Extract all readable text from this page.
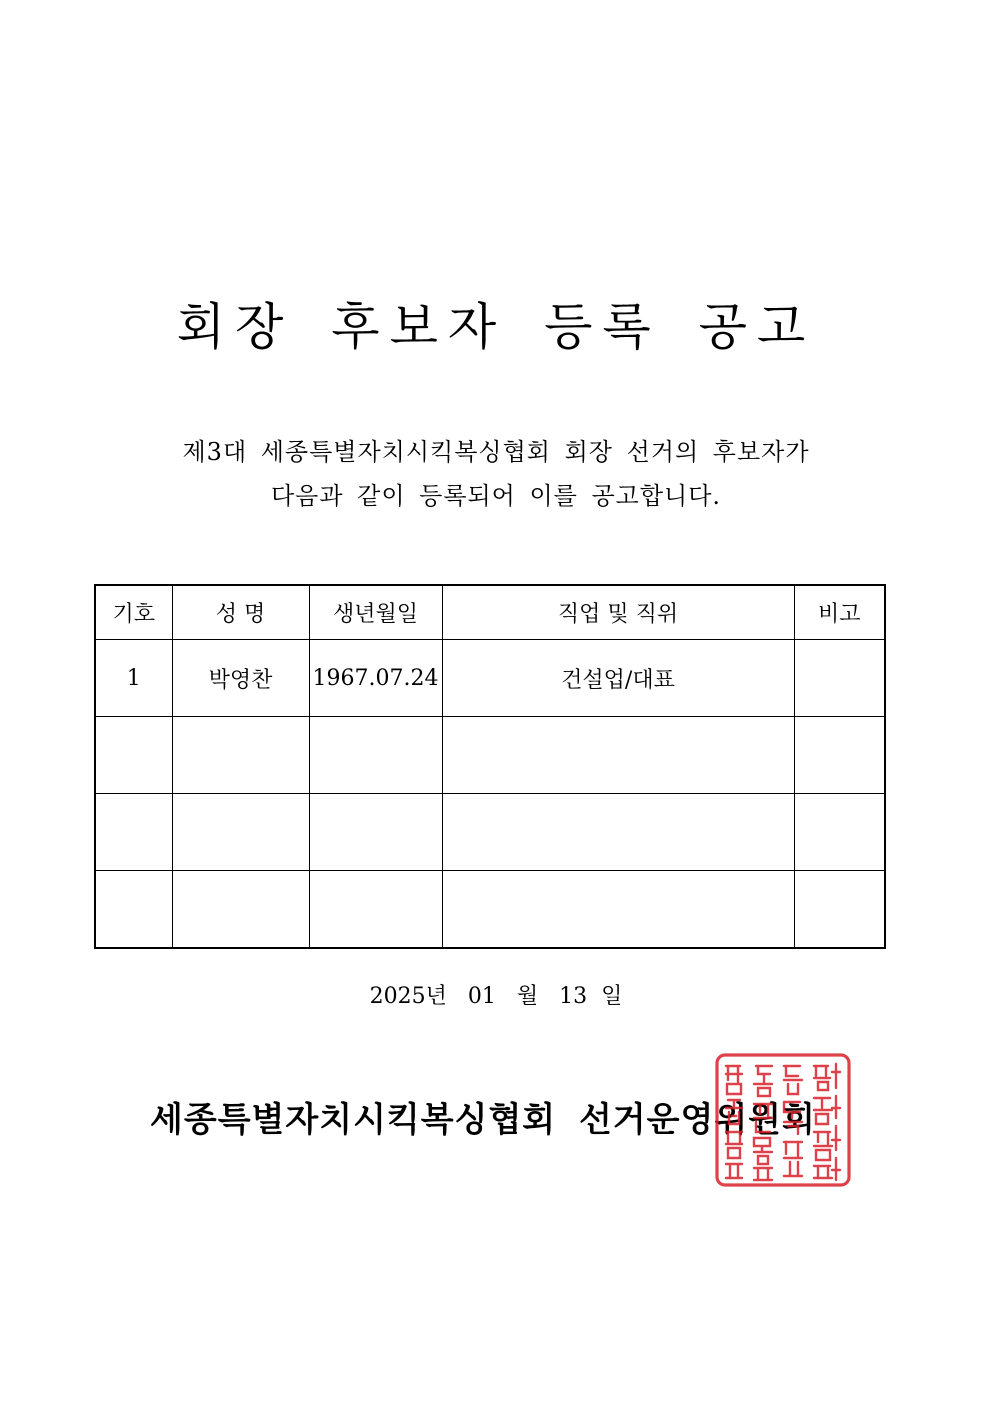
회장 후보자 등록 공고
제3대 세종특별자치시킥복싱협회 회장 선거의 후보자가
다음과 같이 등록되어 이를 공고합니다.
기호	성 명	생년월일	직업 및 직위	비고
1	박영찬	1967.07.24	건설업/대표	

2025년 01 월 13 일
세종특별자치시킥복싱협회 선거운영위원회
